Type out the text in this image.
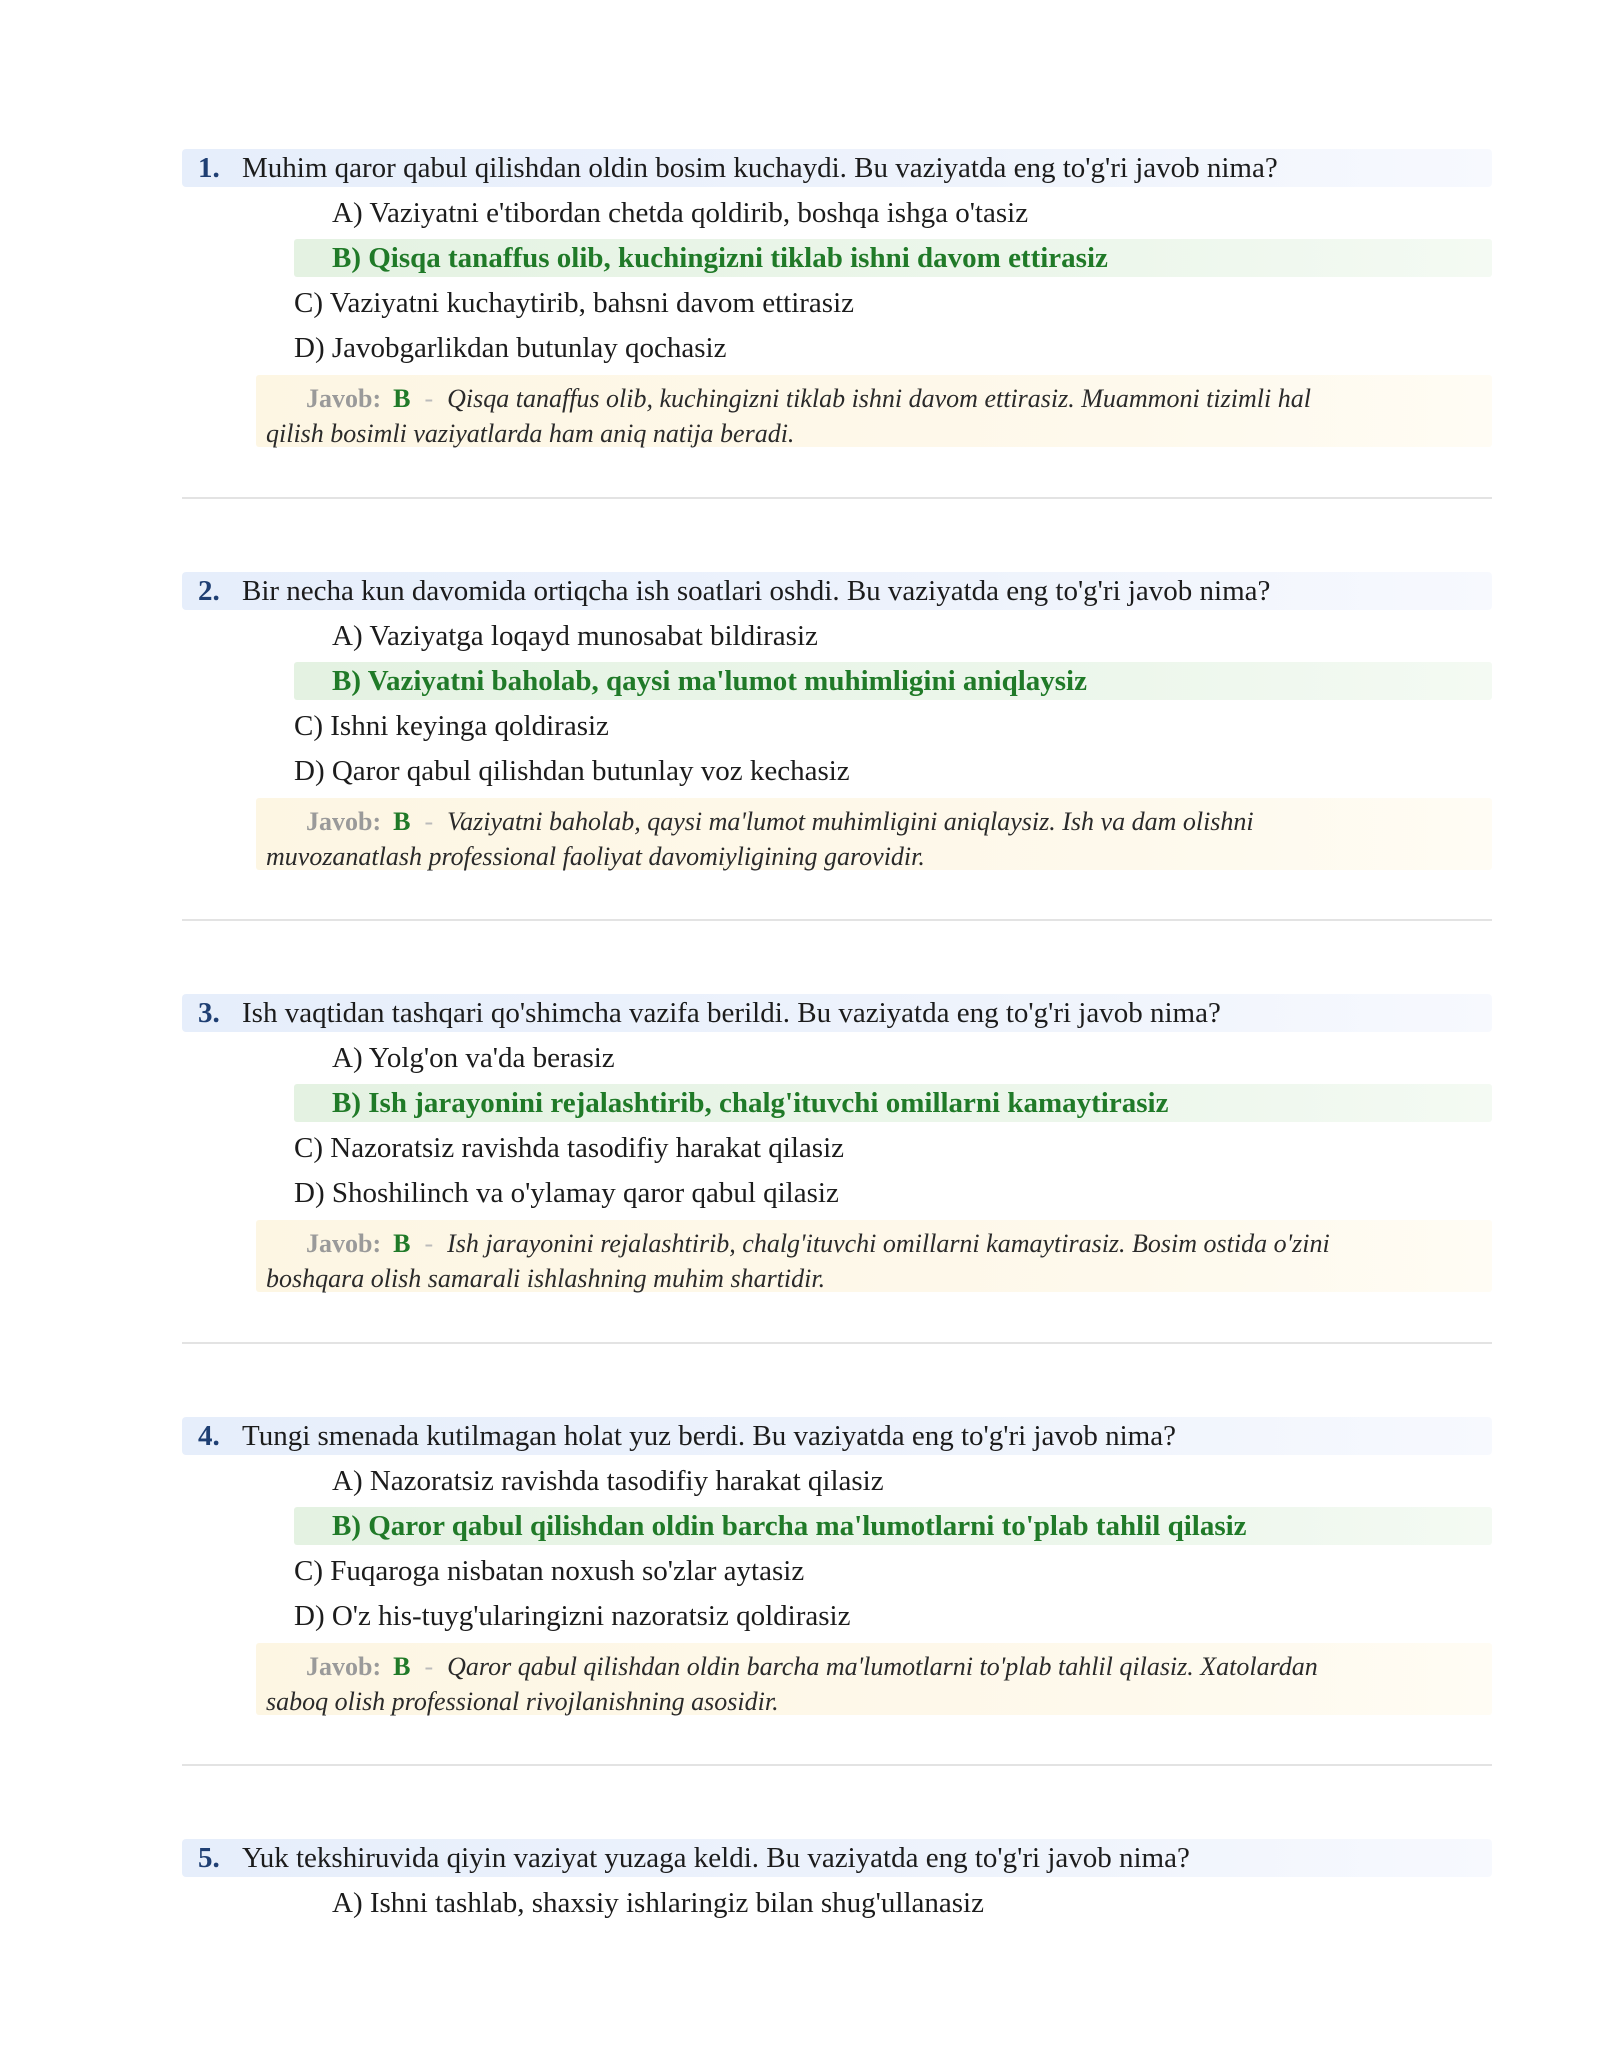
1. Muhim qaror qabul qilishdan oldin bosim kuchaydi. Bu vaziyatda eng to'g'ri javob nima?
A) Vaziyatni e'tibordan chetda qoldirib, boshqa ishga o'tasiz
B) Qisqa tanaffus olib, kuchingizni tiklab ishni davom ettirasiz
C) Vaziyatni kuchaytirib, bahsni davom ettirasiz
D) Javobgarlikdan butunlay qochasiz
Javob: B - Qisqa tanaffus olib, kuchingizni tiklab ishni davom ettirasiz. Muammoni tizimli hal
qilish bosimli vaziyatlarda ham aniq natija beradi.
2. Bir necha kun davomida ortiqcha ish soatlari oshdi. Bu vaziyatda eng to'g'ri javob nima?
A) Vaziyatga loqayd munosabat bildirasiz
B) Vaziyatni baholab, qaysi ma'lumot muhimligini aniqlaysiz
C) Ishni keyinga qoldirasiz
D) Qaror qabul qilishdan butunlay voz kechasiz
Javob: B - Vaziyatni baholab, qaysi ma'lumot muhimligini aniqlaysiz. Ish va dam olishni
muvozanatlash professional faoliyat davomiyligining garovidir.
3. Ish vaqtidan tashqari qo'shimcha vazifa berildi. Bu vaziyatda eng to'g'ri javob nima?
A) Yolg'on va'da berasiz
B) Ish jarayonini rejalashtirib, chalg'ituvchi omillarni kamaytirasiz
C) Nazoratsiz ravishda tasodifiy harakat qilasiz
D) Shoshilinch va o'ylamay qaror qabul qilasiz
Javob: B - Ish jarayonini rejalashtirib, chalg'ituvchi omillarni kamaytirasiz. Bosim ostida o'zini
boshqara olish samarali ishlashning muhim shartidir.
4. Tungi smenada kutilmagan holat yuz berdi. Bu vaziyatda eng to'g'ri javob nima?
A) Nazoratsiz ravishda tasodifiy harakat qilasiz
B) Qaror qabul qilishdan oldin barcha ma'lumotlarni to'plab tahlil qilasiz
C) Fuqaroga nisbatan noxush so'zlar aytasiz
D) O'z his-tuyg'ularingizni nazoratsiz qoldirasiz
Javob: B - Qaror qabul qilishdan oldin barcha ma'lumotlarni to'plab tahlil qilasiz. Xatolardan
saboq olish professional rivojlanishning asosidir.
5. Yuk tekshiruvida qiyin vaziyat yuzaga keldi. Bu vaziyatda eng to'g'ri javob nima?
A) Ishni tashlab, shaxsiy ishlaringiz bilan shug'ullanasiz
